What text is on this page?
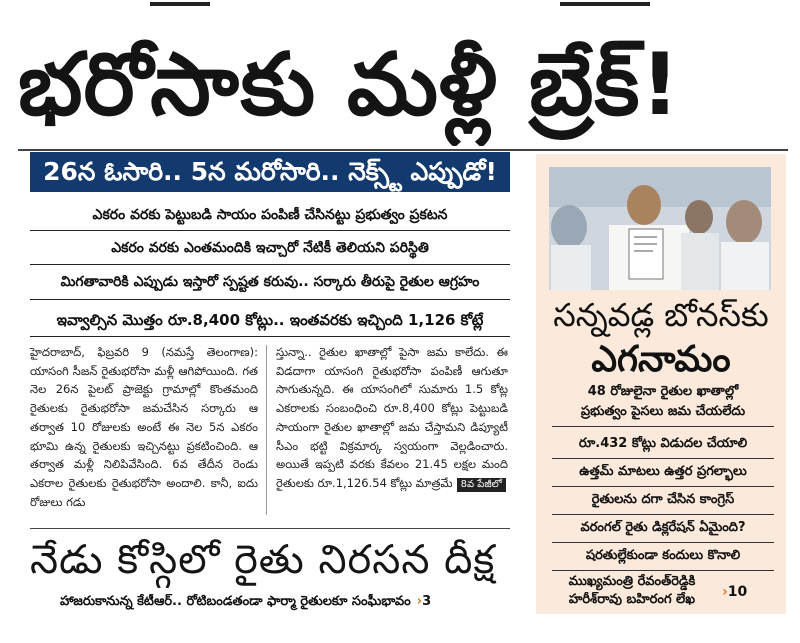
భరోసాకు మళ్లీ బ్రేక్!
26న ఓసారి.. 5న మరోసారి.. నెక్స్ట్ ఎప్పుడో!
ఎకరం వరకు పెట్టుబడి సాయం పంపిణీ చేసినట్టు ప్రభుత్వం ప్రకటన
ఎకరం వరకు ఎంతమందికి ఇచ్చారో నేటికీ తెలియని పరిస్థితి
మిగతావారికి ఎప్పుడు ఇస్తారో స్పష్టత కరువు.. సర్కారు తీరుపై రైతుల ఆగ్రహం
ఇవ్వాల్సిన మొత్తం రూ.8,400 కోట్లు.. ఇంతవరకు ఇచ్చింది 1,126 కోట్లే

హైదరాబాద్, ఫిబ్రవరి 9 (నమస్తే తెలంగాణ): యాసంగి సీజన్ రైతుభరోసా మళ్లీ ఆగిపోయింది. గత నెల 26న పైలట్ ప్రాజెక్టు గ్రామాల్లో కొంతమంది రైతులకు రైతుభరోసా జమచేసిన సర్కారు ఆ తర్వాత 10 రోజులకు అంటే ఈ నెల 5న ఎకరం భూమి ఉన్న రైతులకు ఇచ్చినట్టు ప్రకటించింది. ఆ తర్వాత మళ్లీ నిలిపివేసింది. 6వ తేదీన రెండు ఎకరాల రైతులకు రైతుభరోసా అందాలి. కానీ, ఐదు రోజులు గడు

స్తున్నా.. రైతుల ఖాతాల్లో పైసా జమ కాలేదు. ఈ విడదాగా యాసంగి రైతుభరోసా పంపిణీ ఆగుతూ సాగుతున్నది. ఈ యాసంగిలో సుమారు 1.5 కోట్ల ఎకరాలకు సంబంధించి రూ.8,400 కోట్లు పెట్టుబడి సాయంగా రైతుల ఖాతాల్లో జమ చేస్తామని డిప్యూటీ సీఎం భట్టి విక్రమార్క స్వయంగా వెల్లడించారు. అయితే ఇప్పటి వరకు కేవలం 21.45 లక్షల మంది రైతులకు రూ.1,126.54 కోట్లు మాత్రమే 8వ పేజీలో

నేడు కోస్గిలో రైతు నిరసన దీక్ష
హాజరుకానున్న కేటీఆర్.. రోటిబండతండా ఫార్మా రైతులకూ సంఘీభావం ›3
సన్నవడ్ల బోనస్‌కు
ఎగనామం
48 రోజులైనా రైతుల ఖాతాల్లో
ప్రభుత్వం పైసలు జమ చేయలేదు
రూ.432 కోట్లు విడుదల చేయాలి
ఉత్తమ్ మాటలు ఉత్తర ప్రగల్భాలు
రైతులను దగా చేసిన కాంగ్రెస్
వరంగల్ రైతు డిక్లరేషన్ ఏమైంది?
షరతుల్లేకుండా కందులు కొనాలి
ముఖ్యమంత్రి రేవంత్‌రెడ్డికి
హరీశ్‌రావు బహిరంగ లేఖ	›10
